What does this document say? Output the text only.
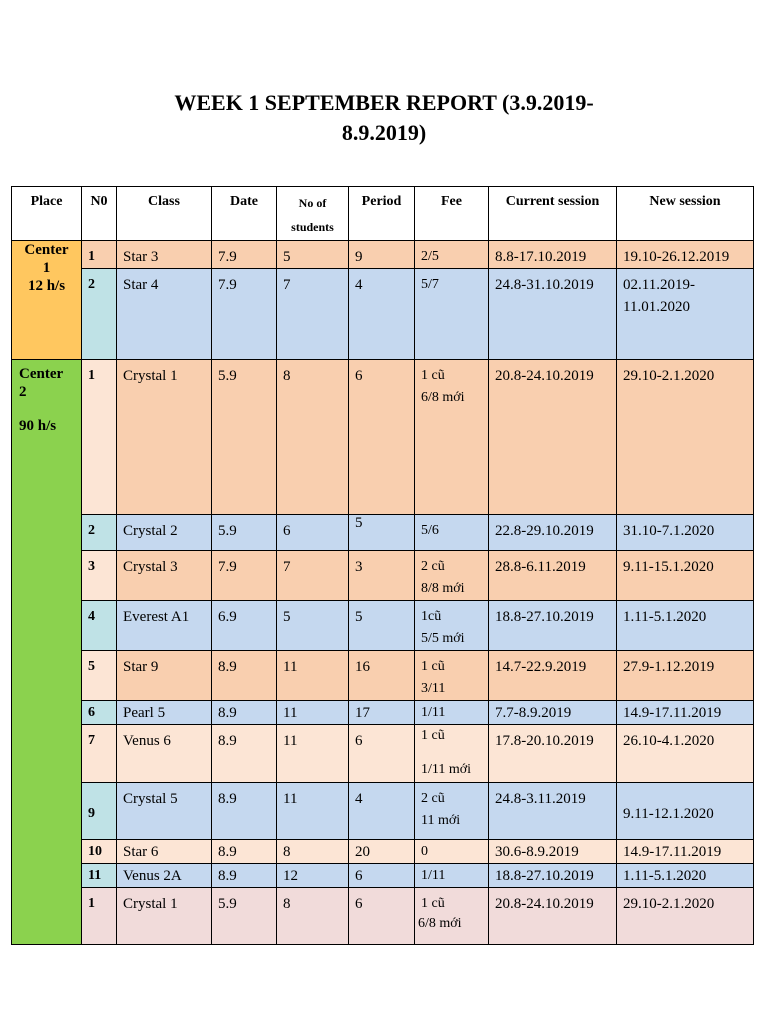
WEEK 1 SEPTEMBER REPORT (3.9.2019-
8.9.2019)
Place	N0	Class	Date	No of
students	Period	Fee	Current session	New session

Center
1
12 h/s	1	Star 3	7.9	5	9	2/5	8.8-17.10.2019	19.10-26.12.2019
	2	Star 4	7.9	7	4	5/7	24.8-31.10.2019	02.11.2019-
11.01.2020

Center
2
90 h/s	1	Crystal 1	5.9	8	6	1 cũ
6/8 mới	20.8-24.10.2019	29.10-2.1.2020
	2	Crystal 2	5.9	6	5	5/6	22.8-29.10.2019	31.10-7.1.2020
	3	Crystal 3	7.9	7	3	2 cũ
8/8 mới	28.8-6.11.2019	9.11-15.1.2020
	4	Everest A1	6.9	5	5	1cũ
5/5 mới	18.8-27.10.2019	1.11-5.1.2020
	5	Star 9	8.9	11	16	1 cũ
3/11	14.7-22.9.2019	27.9-1.12.2019
	6	Pearl 5	8.9	11	17	1/11	7.7-8.9.2019	14.9-17.11.2019
	7	Venus 6	8.9	11	6	1 cũ
1/11 mới	17.8-20.10.2019	26.10-4.1.2020
	9	Crystal 5	8.9	11	4	2 cũ
11 mới	24.8-3.11.2019	9.11-12.1.2020
	10	Star 6	8.9	8	20	0	30.6-8.9.2019	14.9-17.11.2019
	11	Venus 2A	8.9	12	6	1/11	18.8-27.10.2019	1.11-5.1.2020
	1	Crystal 1	5.9	8	6	1 cũ
6/8 mới	20.8-24.10.2019	29.10-2.1.2020
